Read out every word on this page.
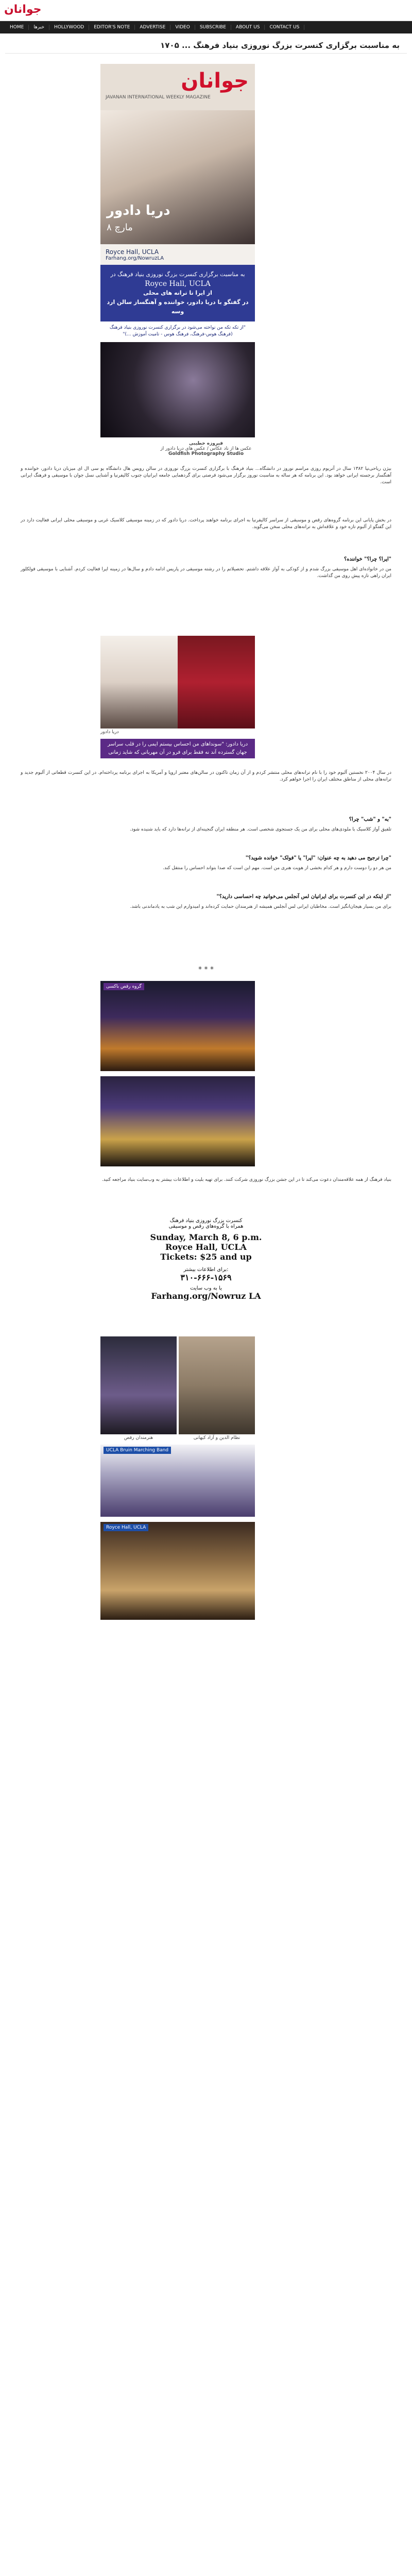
جوانان
HOME	خبرها	HOLLYWOOD	EDITOR'S NOTE	ADVERTISE	VIDEO	SUBSCRIBE	ABOUT US	CONTACT US
به مناسبت برگزاری کنسرت بزرگ نوروزی بنیاد فرهنگ ... ۱۷۰۵
جوانان
JAVANAN INTERNATIONAL WEEKLY MAGAZINE
دریا دادور
۸ مارچ
Royce Hall, UCLA
Farhang.org/NowruzLA
به مناسبت برگزاری کنسرت بزرگ نوروزی بنیاد فرهنگ در
Royce Hall, UCLA
از ایرا تا ترانه های محلی
در گفتگو با دریا دادور، خواننده و آهنگساز سالن ارد وسه
"از تکه تکه من نواخته می‌شود در برگزاری کنسرت نوروزی بنیاد فرهنگ (فرهنگ هوس-فرهنگ، فرهنگ هوس - تامیت آموزش ...)"
فیروزه خطیبی
عکس ها از ناد عکاس / عکس های دریا دادور از
Goldfish Photography Studio
بیژن ریاحی‌نیا ۱۳۸۲ سال در آتریوم روزی مراسم نوروز در دانشگاه... بنیاد فرهنگ با برگزاری کنسرت بزرگ نوروزی در سالن رویس هال دانشگاه یو سی ال ای میزبان دریا دادور، خواننده و آهنگساز برجسته ایرانی خواهد بود. این برنامه که هر ساله به مناسبت نوروز برگزار می‌شود فرصتی برای گردهمایی جامعه ایرانیان جنوب کالیفرنیا و آشنایی نسل جوان با موسیقی و فرهنگ ایرانی است.
در بخش پایانی این برنامه گروه‌های رقص و موسیقی از سراسر کالیفرنیا به اجرای برنامه خواهند پرداخت. دریا دادور که در زمینه موسیقی کلاسیک غربی و موسیقی محلی ایرانی فعالیت دارد در این گفتگو از آلبوم تازه خود و علاقه‌اش به ترانه‌های محلی سخن می‌گوید.
"ایرا؟ چرا؟" خواننده؟
من در خانواده‌ای اهل موسیقی بزرگ شدم و از کودکی به آواز علاقه داشتم. تحصیلاتم را در رشته موسیقی در پاریس ادامه دادم و سال‌ها در زمینه اپرا فعالیت کردم. آشنایی با موسیقی فولکلور ایران راهی تازه پیش روی من گذاشت.
دریا دادور
دریا دادور: "سونداهای من احساس بیستم ایمی را در قلب سراسر جهان گسترده آند نه فقط برای فرو در آن مهربانی که شاید زمانی خواندنی "
در سال ۲۰۰۴ نخستین آلبوم خود را با نام ترانه‌های محلی منتشر کردم و از آن زمان تاکنون در سالن‌های معتبر اروپا و آمریکا به اجرای برنامه پرداخته‌ام. در این کنسرت قطعاتی از آلبوم جدید و ترانه‌های محلی از مناطق مختلف ایران را اجرا خواهم کرد.
"به" و "شب" چرا؟
تلفیق آواز کلاسیک با ملودی‌های محلی برای من یک جستجوی شخصی است. هر منطقه ایران گنجینه‌ای از ترانه‌ها دارد که باید شنیده شود.
"چرا ترجیح می دهید به چه عنوان: "اپرا" یا "فولک" خوانده شوید؟"
من هر دو را دوست دارم و هر کدام بخشی از هویت هنری من است. مهم این است که صدا بتواند احساس را منتقل کند.
"از اینکه در این کنسرت برای ایرانیان لس آنجلس می‌خوانید چه احساسی دارید؟"
برای من بسیار هیجان‌انگیز است. مخاطبان ایرانی لس آنجلس همیشه از هنرمندان حمایت کرده‌اند و امیدوارم این شب به یادماندنی باشد.
* * *
گروه رقص باکسی
بنیاد فرهنگ از همه علاقه‌مندان دعوت می‌کند تا در این جشن بزرگ نوروزی شرکت کنند. برای تهیه بلیت و اطلاعات بیشتر به وب‌سایت بنیاد مراجعه کنید.
کنسرت بزرگ نوروزی بنیاد فرهنگ
همراه با گروه‌های رقص و موسیقی
Sunday, March 8, 6 p.m.
Royce Hall, UCLA
Tickets: $25 and up
برای اطلاعات بیشتر:
۳۱۰-۶۶۶-۱۵۶۹
یا به وب سایت
Farhang.org/Nowruz LA
هنرمندان رقص	نظام الدین و آزاد کیهانی
UCLA Bruin Marching Band
Royce Hall, UCLA
